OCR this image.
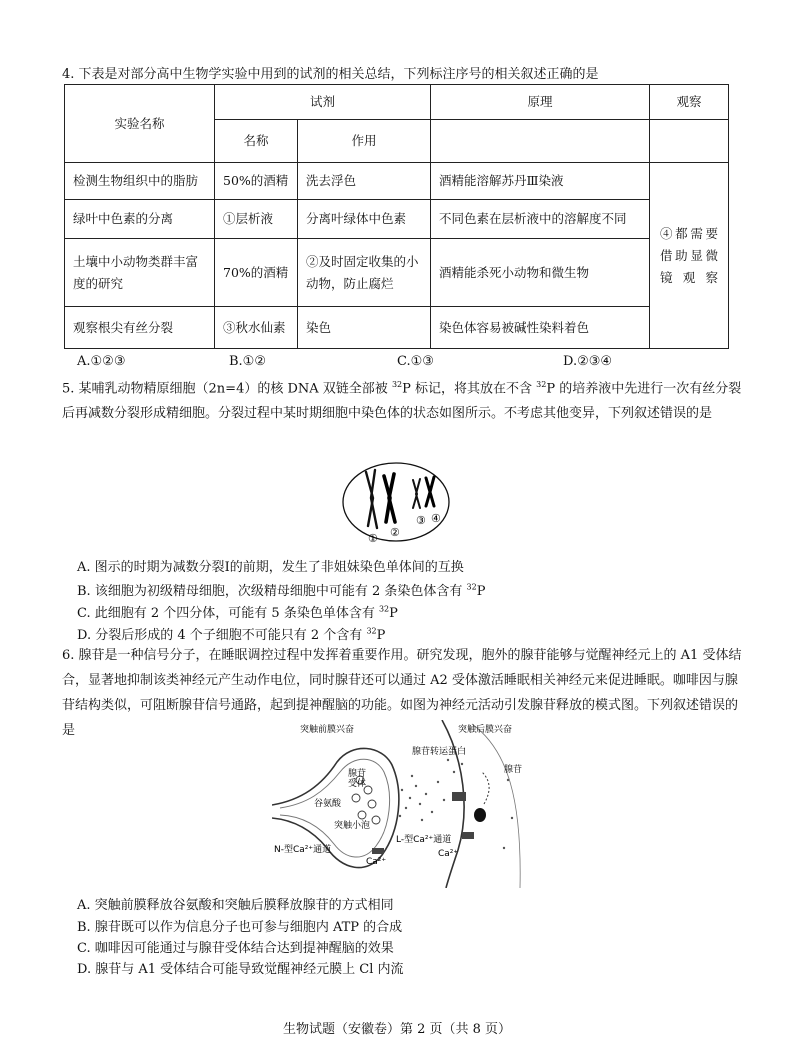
4. 下表是对部分高中生物学实验中用到的试剂的相关总结，下列标注序号的相关叙述正确的是
实验名称	试剂		原理	观察
	名称	作用		
检测生物组织中的脂肪	50%的酒精	洗去浮色	酒精能溶解苏丹Ⅲ染液	④都需要借助显微镜观察
绿叶中色素的分离	①层析液	分离叶绿体中色素	不同色素在层析液中的溶解度不同	
土壤中小动物类群丰富度的研究	70%的酒精	②及时固定收集的小动物，防止腐烂	酒精能杀死小动物和微生物	
观察根尖有丝分裂	③秋水仙素	染色	染色体容易被碱性染料着色	
A.①②③	B.①②	C.①③	D.②③④
5. 某哺乳动物精原细胞（2n=4）的核 DNA 双链全部被 $^{32}$P 标记，将其放在不含 $^{32}$P 的培养液中先进行一次有丝分裂后再减数分裂形成精细胞。分裂过程中某时期细胞中染色体的状态如图所示。不考虑其他变异，下列叙述错误的是
① ②
③ ④
A. 图示的时期为减数分裂Ⅰ的前期，发生了非姐妹染色单体间的互换
B. 该细胞为初级精母细胞，次级精母细胞中可能有 2 条染色体含有 $^{32}$P
C. 此细胞有 2 个四分体，可能有 5 条染色单体含有 $^{32}$P
D. 分裂后形成的 4 个子细胞不可能只有 2 个含有 $^{32}$P
6. 腺苷是一种信号分子，在睡眠调控过程中发挥着重要作用。研究发现，胞外的腺苷能够与觉醒神经元上的 A1 受体结合，显著地抑制该类神经元产生动作电位，同时腺苷还可以通过 A2 受体激活睡眠相关神经元来促进睡眠。咖啡因与腺苷结构类似，可阻断腺苷信号通路，起到提神醒脑的功能。如图为神经元活动引发腺苷释放的模式图。下列叙述错误的是	突触前膜兴奋	突触后膜兴奋
腺苷转运蛋白
腺苷
腺苷
受体
谷氨酸
突触小泡
N-型Ca²⁺通道
L-型Ca²⁺通道
Ca²⁺
Ca²⁺
A. 突触前膜释放谷氨酸和突触后膜释放腺苷的方式相同
B. 腺苷既可以作为信息分子也可参与细胞内 ATP 的合成
C. 咖啡因可能通过与腺苷受体结合达到提神醒脑的效果
D. 腺苷与 A1 受体结合可能导致觉醒神经元膜上 Cl 内流
生物试题（安徽卷）第 2 页（共 8 页）
